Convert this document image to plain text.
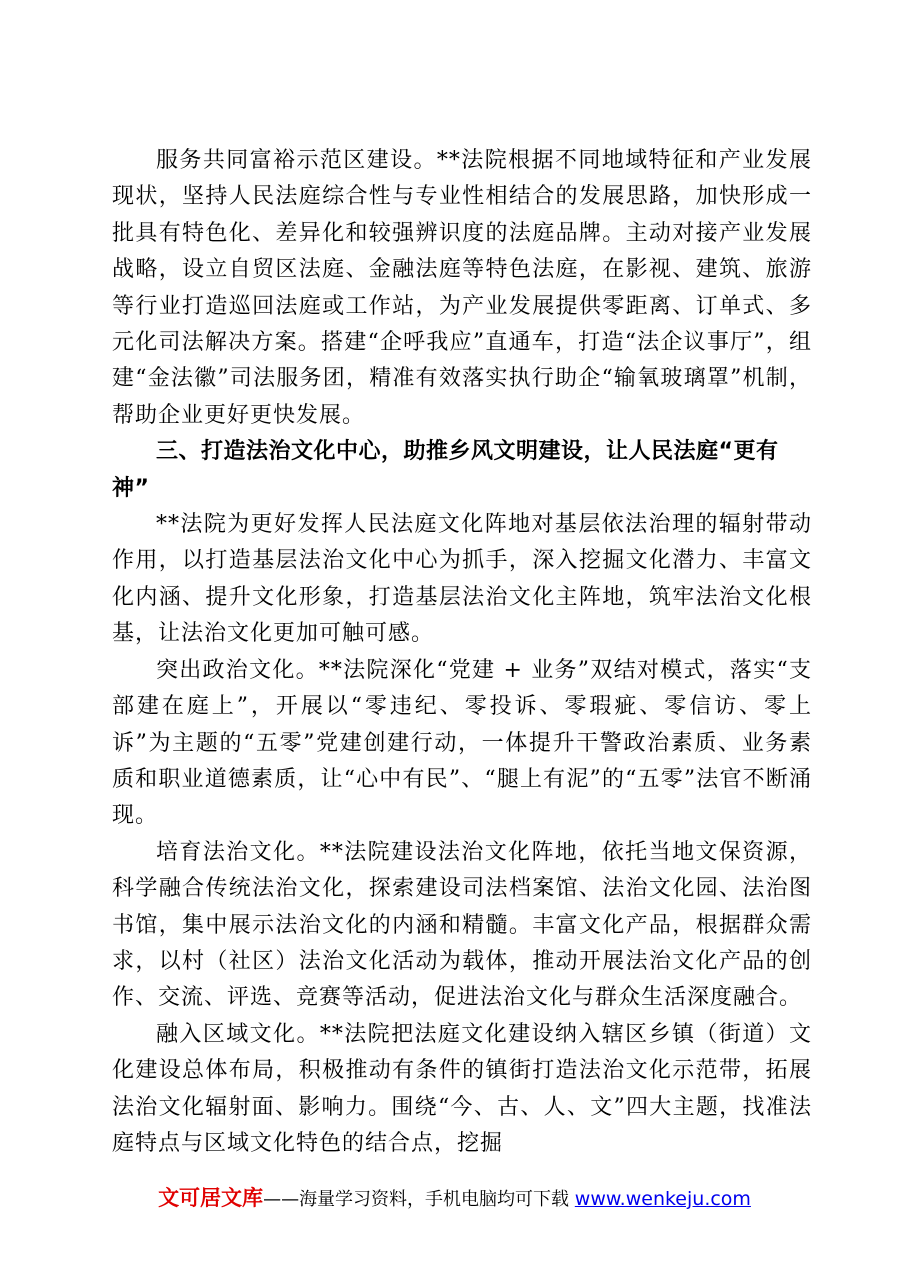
服务共同富裕示范区建设。**法院根据不同地域特征和产业发展现状，坚持人民法庭综合性与专业性相结合的发展思路，加快形成一批具有特色化、差异化和较强辨识度的法庭品牌。主动对接产业发展战略，设立自贸区法庭、金融法庭等特色法庭，在影视、建筑、旅游等行业打造巡回法庭或工作站，为产业发展提供零距离、订单式、多元化司法解决方案。搭建“企呼我应”直通车，打造“法企议事厅”，组建“金法徽”司法服务团，精准有效落实执行助企“输氧玻璃罩”机制，帮助企业更好更快发展。

三、打造法治文化中心，助推乡风文明建设，让人民法庭“更有神”

**法院为更好发挥人民法庭文化阵地对基层依法治理的辐射带动作用，以打造基层法治文化中心为抓手，深入挖掘文化潜力、丰富文化内涵、提升文化形象，打造基层法治文化主阵地，筑牢法治文化根基，让法治文化更加可触可感。

突出政治文化。**法院深化“党建 + 业务”双结对模式，落实“支部建在庭上”，开展以“零违纪、零投诉、零瑕疵、零信访、零上诉”为主题的“五零”党建创建行动，一体提升干警政治素质、业务素质和职业道德素质，让“心中有民”、“腿上有泥”的“五零”法官不断涌现。

培育法治文化。**法院建设法治文化阵地，依托当地文保资源，科学融合传统法治文化，探索建设司法档案馆、法治文化园、法治图书馆，集中展示法治文化的内涵和精髓。丰富文化产品，根据群众需求，以村（社区）法治文化活动为载体，推动开展法治文化产品的创作、交流、评选、竞赛等活动，促进法治文化与群众生活深度融合。

融入区域文化。**法院把法庭文化建设纳入辖区乡镇（街道）文化建设总体布局，积极推动有条件的镇街打造法治文化示范带，拓展法治文化辐射面、影响力。围绕“今、古、人、文”四大主题，找准法庭特点与区域文化特色的结合点，挖掘

文可居文库——海量学习资料，手机电脑均可下载 www.wenkeju.com
